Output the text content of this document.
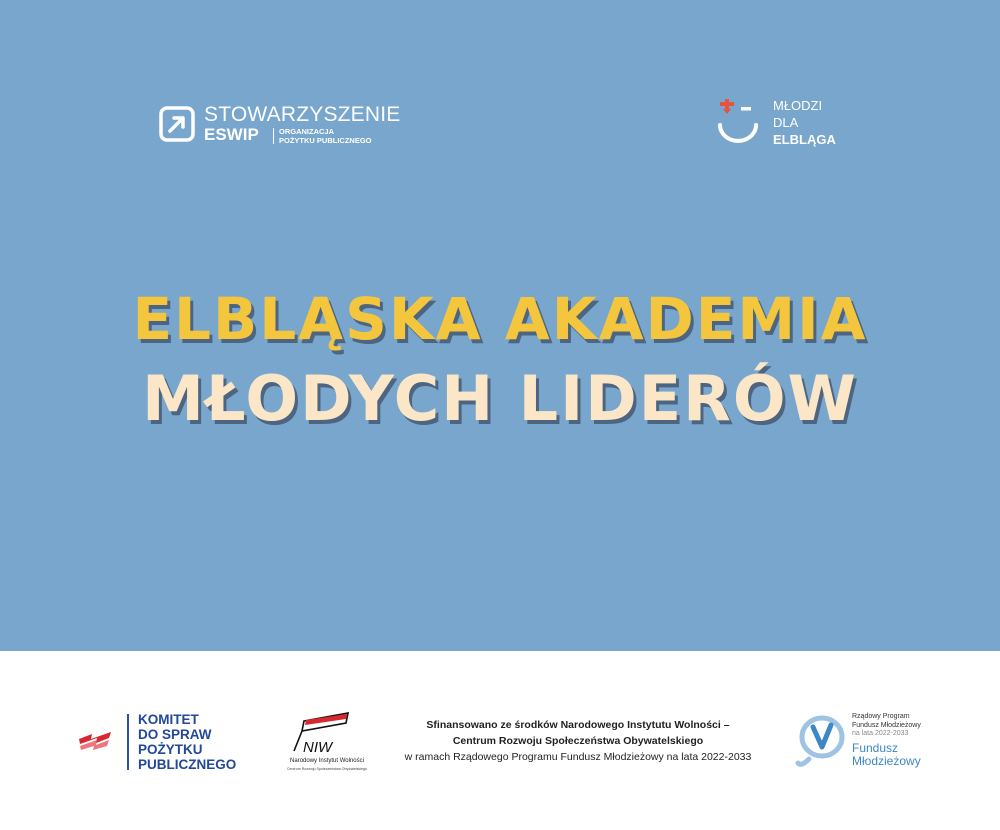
STOWARZYSZENIE
ESWIP	ORGANIZACJA
POŻYTKU PUBLICZNEGO
MŁODZI
DLA
ELBLĄGA
ELBLĄSKA AKADEMIA
MŁODYCH LIDERÓW
KOMITET
DO SPRAW
POŻYTKU
PUBLICZNEGO
NIW
Narodowy Instytut Wolności
Centrum Rozwoju Społeczeństwa Obywatelskiego
Sfinansowano ze środków Narodowego Instytutu Wolności –
Centrum Rozwoju Społeczeństwa Obywatelskiego
w ramach Rządowego Programu Fundusz Młodzieżowy na lata 2022-2033
Rządowy Program
Fundusz Młodzieżowy
na lata 2022-2033
Fundusz
Młodzieżowy
